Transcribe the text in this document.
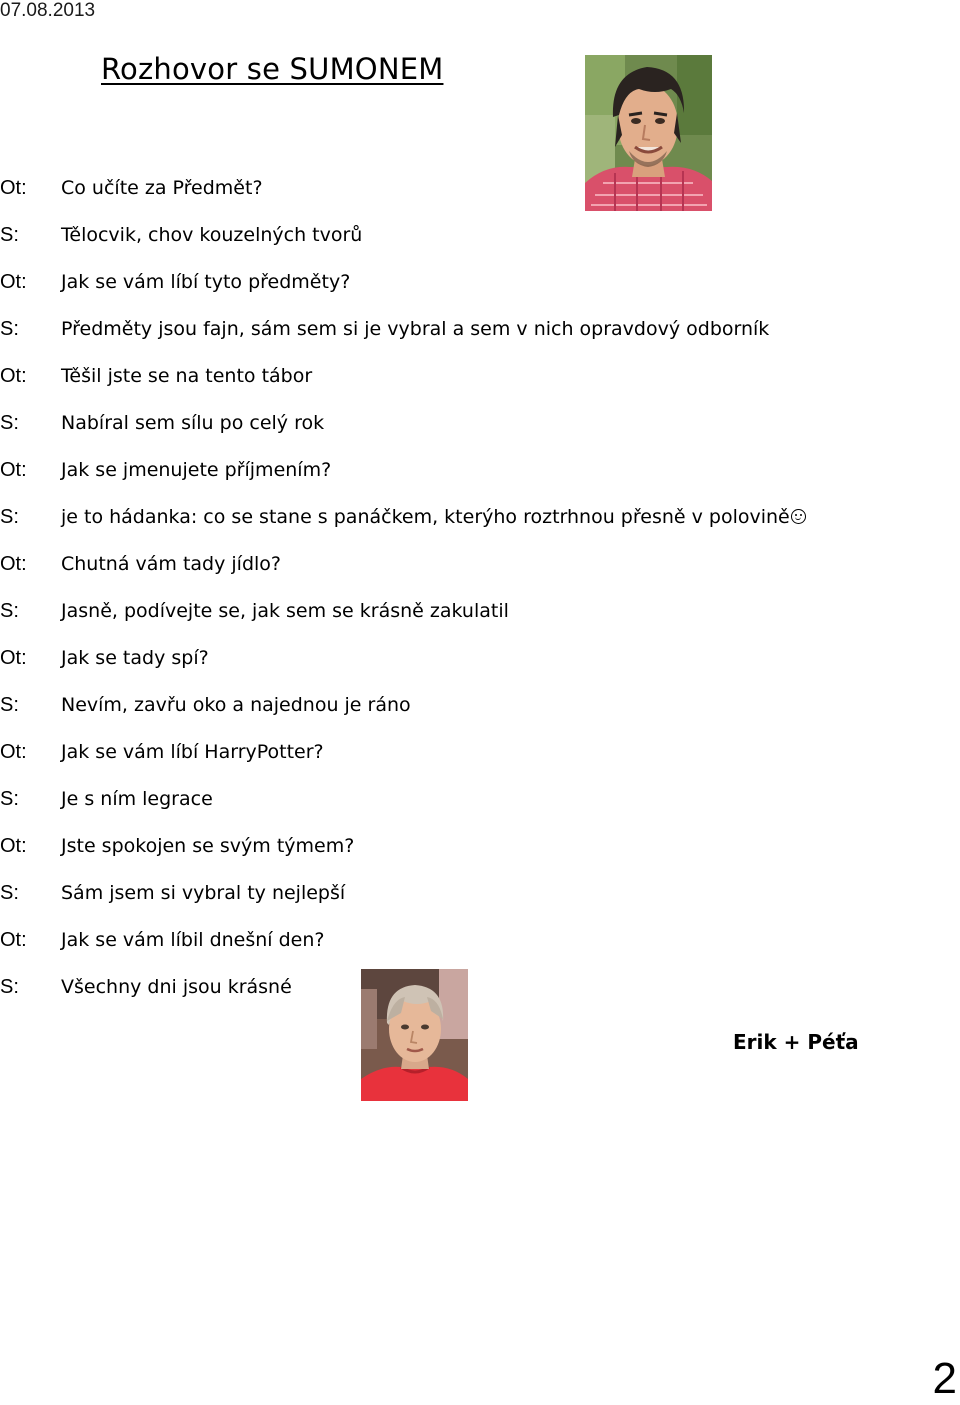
07.08.2013
Rozhovor se SUMONEM
Ot:	Co učíte za Předmět?
S:	Tělocvik, chov kouzelných tvorů
Ot:	Jak se vám líbí tyto předměty?
S:	Předměty jsou fajn, sám sem si je vybral a sem v nich opravdový odborník
Ot:	Těšil jste se na tento tábor
S:	Nabíral sem sílu po celý rok
Ot:	Jak se jmenujete příjmením?
S:	je to hádanka: co se stane s panáčkem, kterýho roztrhnou přesně v polovině
Ot:	Chutná vám tady jídlo?
S:	Jasně, podívejte se, jak sem se krásně zakulatil
Ot:	Jak se tady spí?
S:	Nevím, zavřu oko a najednou je ráno
Ot:	Jak se vám líbí HarryPotter?
S:	Je s ním legrace
Ot:	Jste spokojen se svým týmem?
S:	Sám jsem si vybral ty nejlepší
Ot:	Jak se vám líbil dnešní den?
S:	Všechny dni jsou krásné
Erik + Péťa
2
